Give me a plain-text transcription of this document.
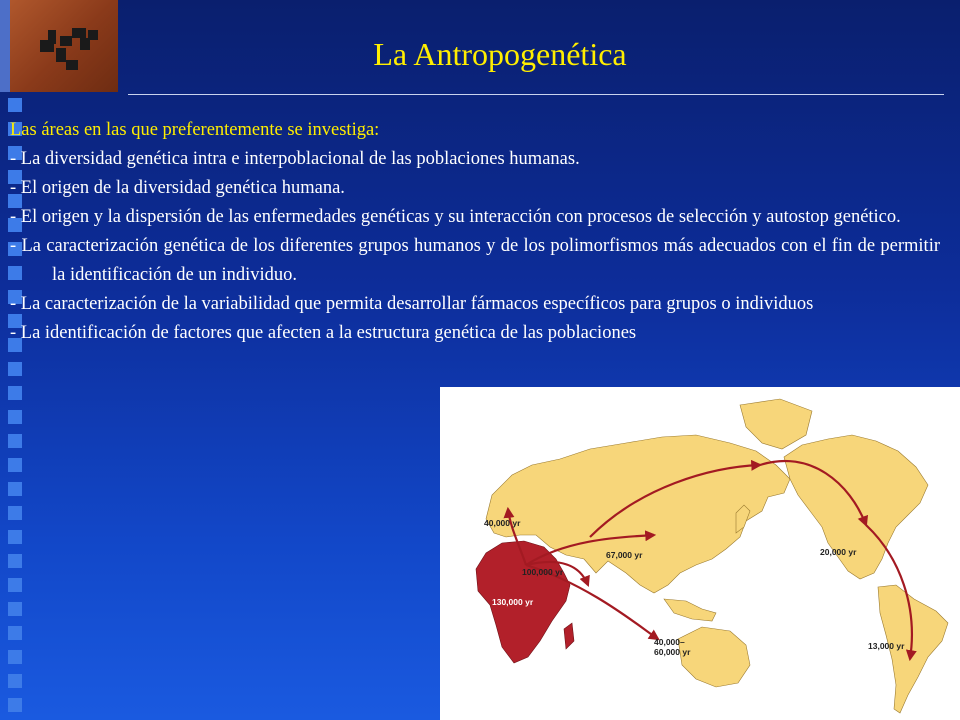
La Antropogenética

Las áreas en las que preferentemente se investiga:

- La diversidad genética intra e interpoblacional de las poblaciones humanas.

- El origen de la diversidad genética humana.

- El origen y la dispersión de las enfermedades genéticas y su interacción con procesos de selección y autostop genético.

- La caracterización genética de los diferentes grupos humanos y de los polimorfismos más adecuados con el fin de permitir la identificación de un individuo.

- La caracterización de la variabilidad que permita desarrollar fármacos específicos para grupos o individuos

- La identificación de factores que afecten a la estructura genética de las poblaciones

40,000 yr
67,000 yr
100,000 yr
130,000 yr
20,000 yr
40,000–
60,000 yr
13,000 yr
